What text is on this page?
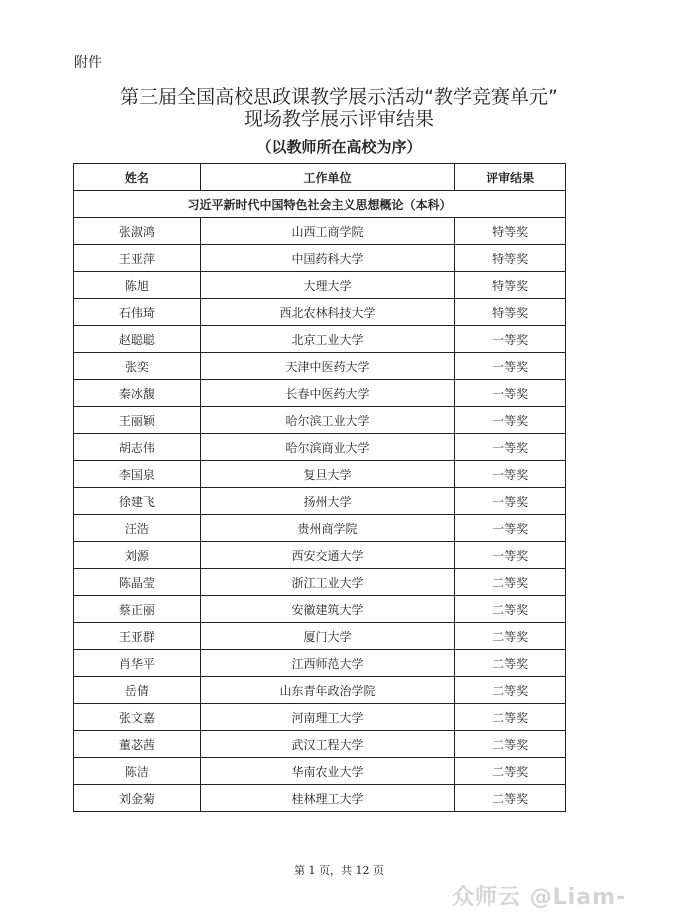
附件
第三届全国高校思政课教学展示活动“教学竞赛单元”
现场教学展示评审结果
（以教师所在高校为序）
姓名	工作单位	评审结果
习近平新时代中国特色社会主义思想概论（本科）		
张淑鸿	山西工商学院	特等奖
王亚萍	中国药科大学	特等奖
陈旭	大理大学	特等奖
石伟琦	西北农林科技大学	特等奖
赵聪聪	北京工业大学	一等奖
张奕	天津中医药大学	一等奖
秦冰馥	长春中医药大学	一等奖
王丽颖	哈尔滨工业大学	一等奖
胡志伟	哈尔滨商业大学	一等奖
李国泉	复旦大学	一等奖
徐建飞	扬州大学	一等奖
汪浩	贵州商学院	一等奖
刘源	西安交通大学	一等奖
陈晶莹	浙江工业大学	二等奖
蔡正丽	安徽建筑大学	二等奖
王亚群	厦门大学	二等奖
肖华平	江西师范大学	二等奖
岳倩	山东青年政治学院	二等奖
张文嘉	河南理工大学	二等奖
董苾茜	武汉工程大学	二等奖
陈洁	华南农业大学	二等奖
刘金菊	桂林理工大学	二等奖
第 1 页，共 12 页
众师云 @Liam-
